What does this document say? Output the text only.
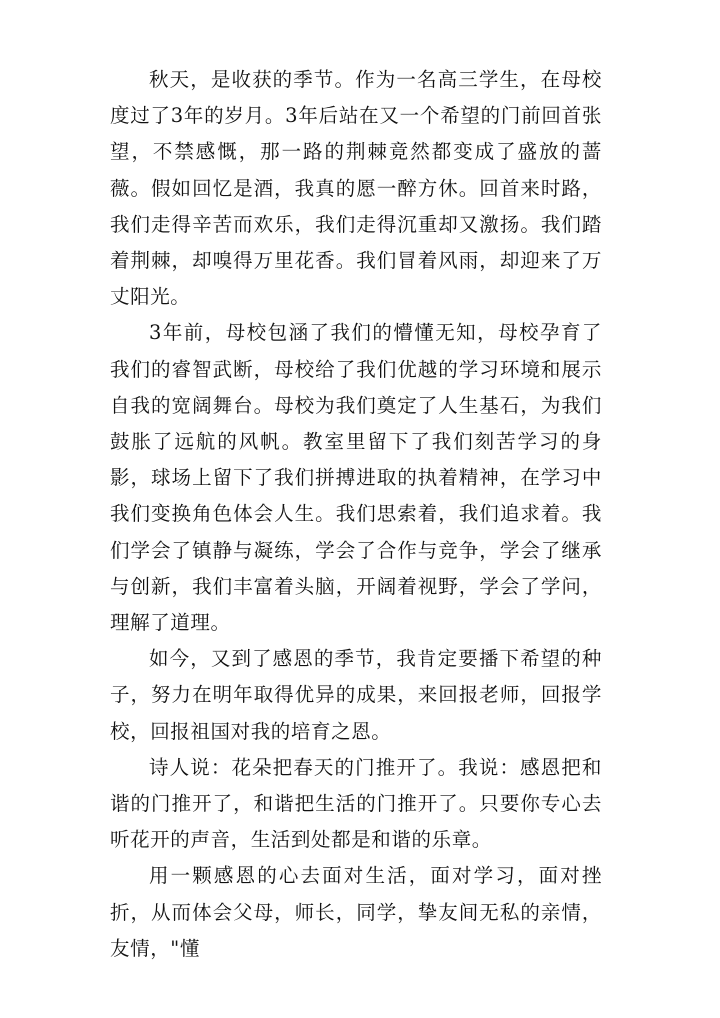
秋天，是收获的季节。作为一名高三学生，在母校度过了3年的岁月。3年后站在又一个希望的门前回首张望，不禁感慨，那一路的荆棘竟然都变成了盛放的蔷薇。假如回忆是酒，我真的愿一醉方休。回首来时路，我们走得辛苦而欢乐，我们走得沉重却又激扬。我们踏着荆棘，却嗅得万里花香。我们冒着风雨，却迎来了万丈阳光。

3年前，母校包涵了我们的懵懂无知，母校孕育了我们的睿智武断，母校给了我们优越的学习环境和展示自我的宽阔舞台。母校为我们奠定了人生基石，为我们鼓胀了远航的风帆。教室里留下了我们刻苦学习的身影，球场上留下了我们拼搏进取的执着精神，在学习中我们变换角色体会人生。我们思索着，我们追求着。我们学会了镇静与凝练，学会了合作与竞争，学会了继承与创新，我们丰富着头脑，开阔着视野，学会了学问，理解了道理。

如今，又到了感恩的季节，我肯定要播下希望的种子，努力在明年取得优异的成果，来回报老师，回报学校，回报祖国对我的培育之恩。

诗人说：花朵把春天的门推开了。我说：感恩把和谐的门推开了，和谐把生活的门推开了。只要你专心去听花开的声音，生活到处都是和谐的乐章。

用一颗感恩的心去面对生活，面对学习，面对挫折，从而体会父母，师长，同学，挚友间无私的亲情，友情，"懂
